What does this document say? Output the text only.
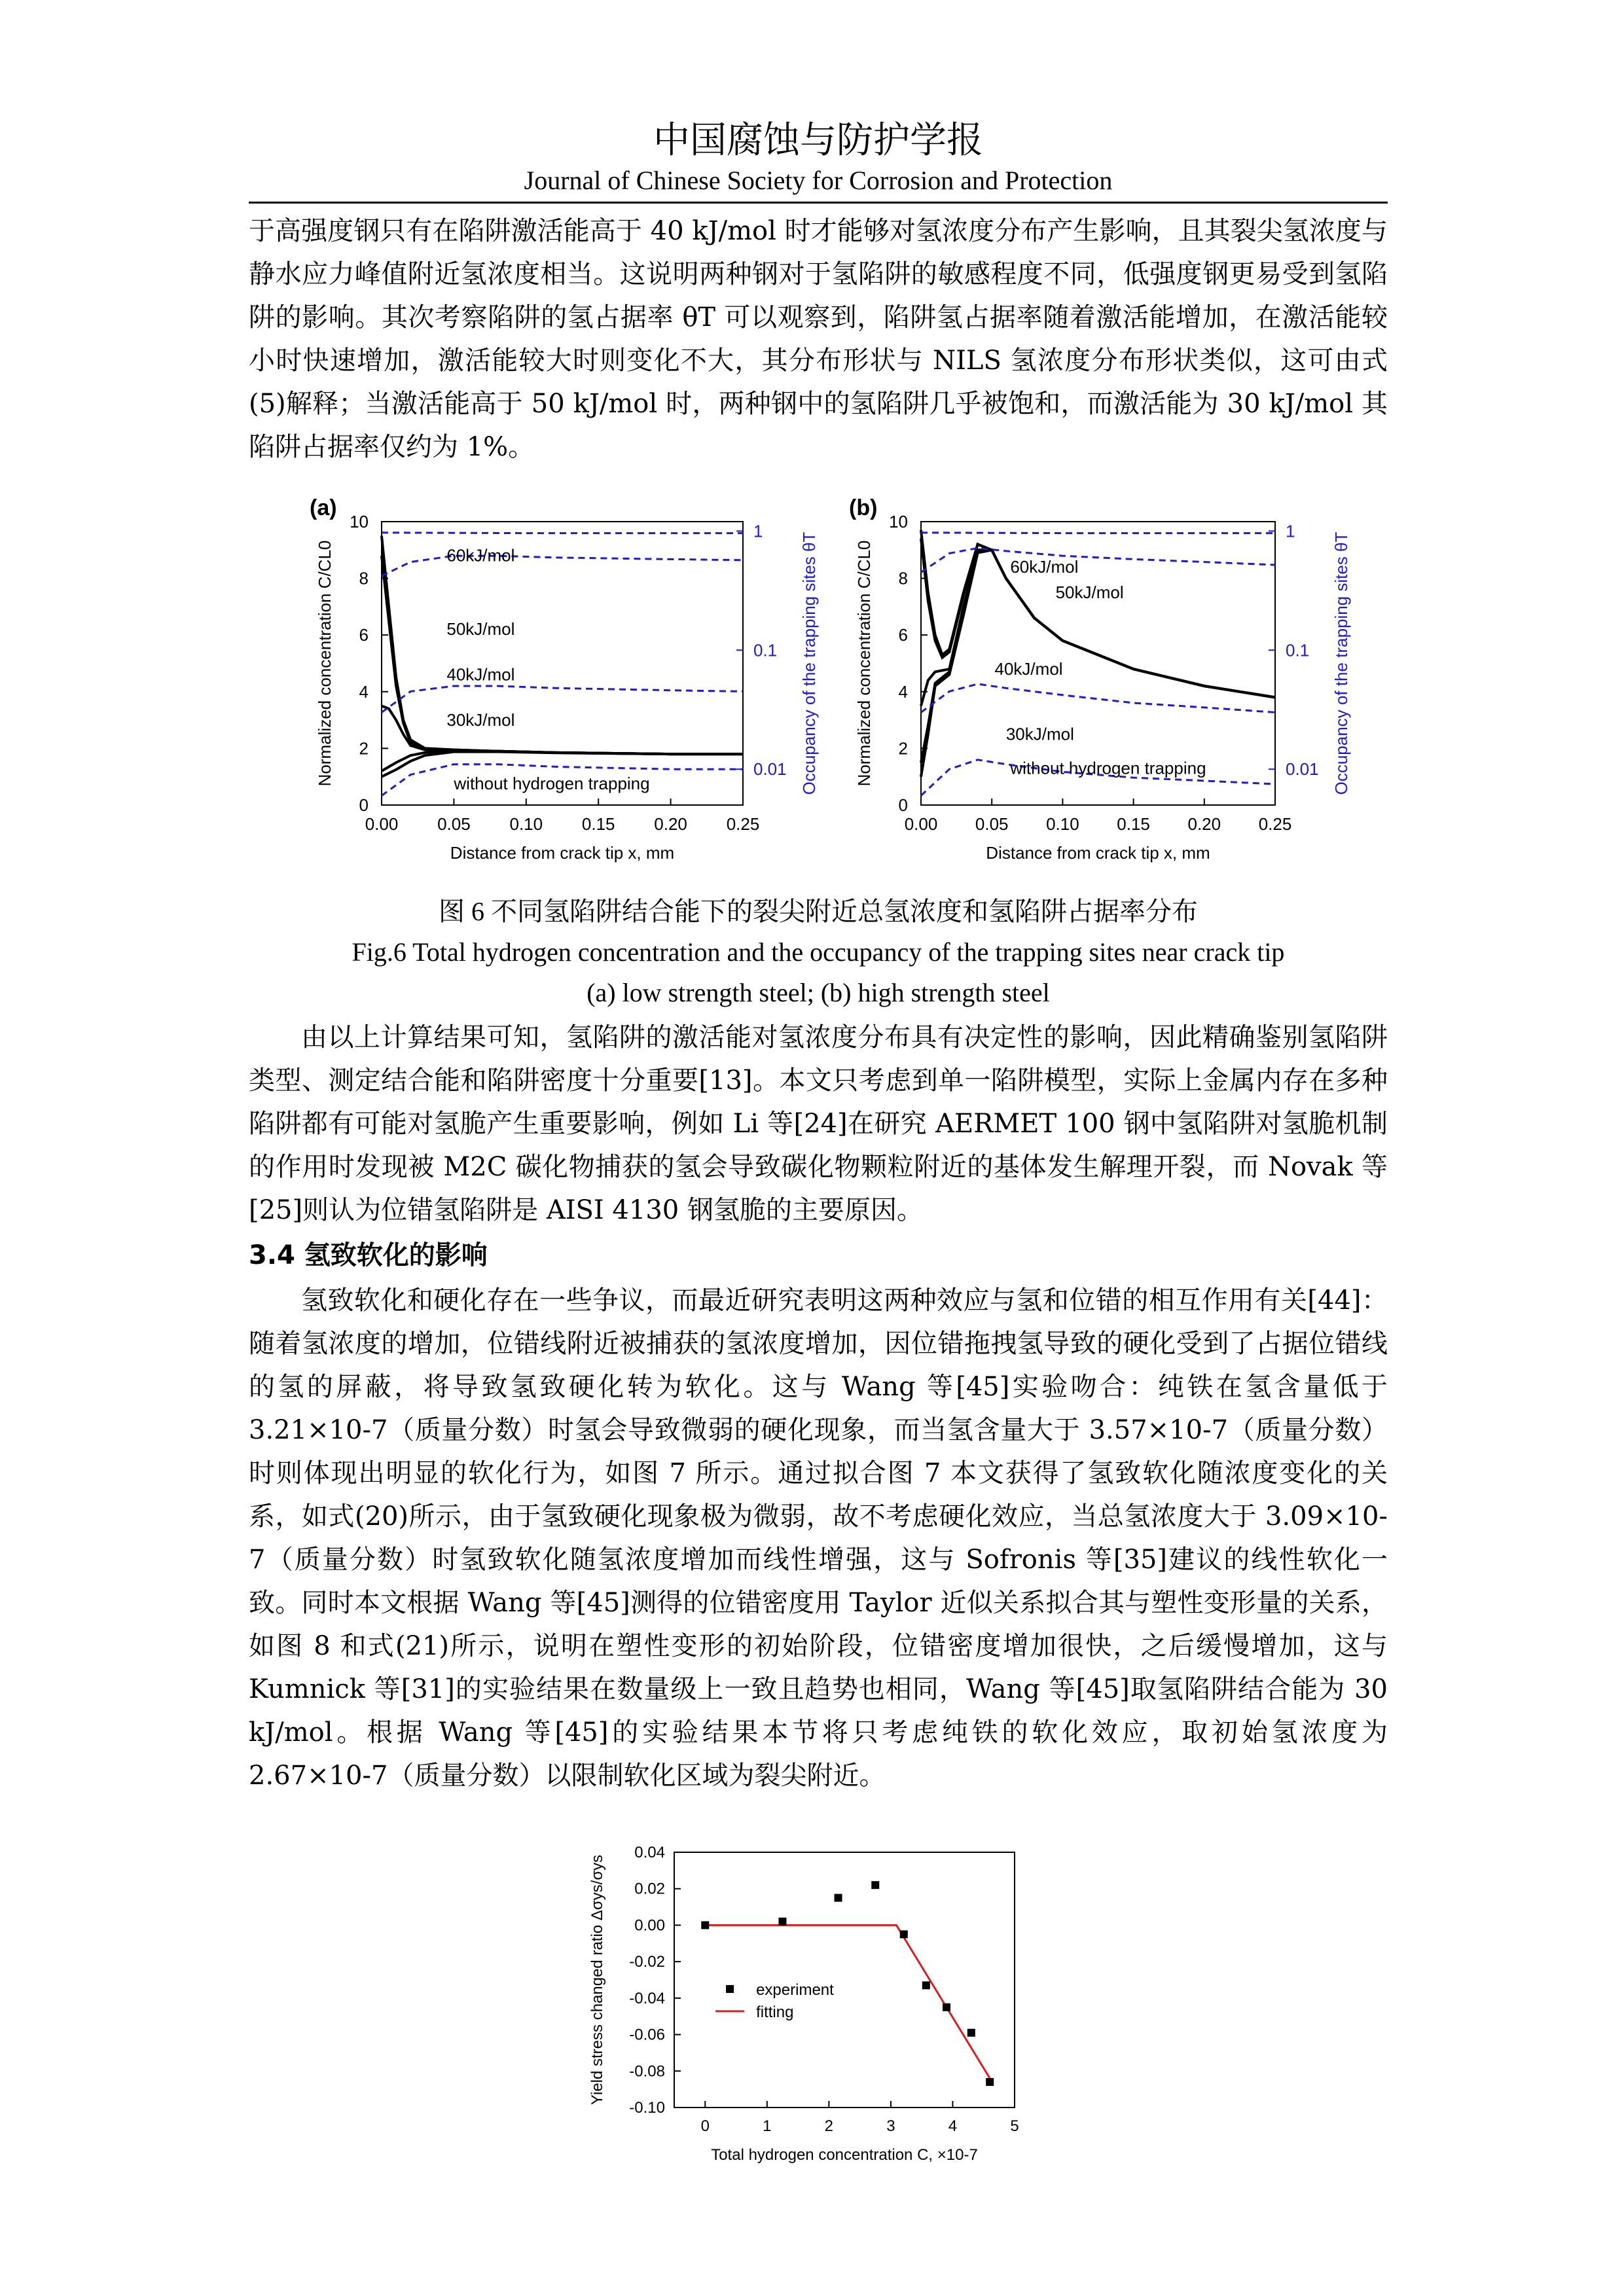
中国腐蚀与防护学报
Journal of Chinese Society for Corrosion and Protection
于高强度钢只有在陷阱激活能高于 40 kJ/mol 时才能够对氢浓度分布产生影响，且其裂尖氢浓度与静水应力峰值附近氢浓度相当。这说明两种钢对于氢陷阱的敏感程度不同，低强度钢更易受到氢陷阱的影响。其次考察陷阱的氢占据率 θT 可以观察到，陷阱氢占据率随着激活能增加，在激活能较小时快速增加，激活能较大时则变化不大，其分布形状与 NILS 氢浓度分布形状类似，这可由式(5)解释；当激活能高于 50 kJ/mol 时，两种钢中的氢陷阱几乎被饱和，而激活能为 30 kJ/mol 其陷阱占据率仅约为 1%。
(a)
0.00 0.05 0.10 0.15 0.20 0.25
0
2
4
6
8
10
0.01
0.1
1
Distance from crack tip x, mm
Normalized concentration C/CL0	Occupancy of the trapping sites θT
60kJ/mol
50kJ/mol
40kJ/mol
30kJ/mol
without hydrogen trapping
(b)
0.00 0.05 0.10 0.15 0.20 0.25
0
2
4
6
8
10
0.01
0.1
1
Distance from crack tip x, mm
Normalized concentration C/CL0	Occupancy of the trapping sites θT
60kJ/mol
50kJ/mol
40kJ/mol
30kJ/mol
without hydrogen trapping
图 6 不同氢陷阱结合能下的裂尖附近总氢浓度和氢陷阱占据率分布
Fig.6 Total hydrogen concentration and the occupancy of the trapping sites near crack tip
(a) low strength steel; (b) high strength steel
由以上计算结果可知，氢陷阱的激活能对氢浓度分布具有决定性的影响，因此精确鉴别氢陷阱类型、测定结合能和陷阱密度十分重要[13]。本文只考虑到单一陷阱模型，实际上金属内存在多种陷阱都有可能对氢脆产生重要影响，例如 Li 等[24]在研究 AERMET 100 钢中氢陷阱对氢脆机制的作用时发现被 M2C 碳化物捕获的氢会导致碳化物颗粒附近的基体发生解理开裂，而 Novak 等[25]则认为位错氢陷阱是 AISI 4130 钢氢脆的主要原因。
3.4 氢致软化的影响
氢致软化和硬化存在一些争议，而最近研究表明这两种效应与氢和位错的相互作用有关[44]：随着氢浓度的增加，位错线附近被捕获的氢浓度增加，因位错拖拽氢导致的硬化受到了占据位错线的氢的屏蔽，将导致氢致硬化转为软化。这与 Wang 等[45]实验吻合：纯铁在氢含量低于 3.21×10-7（质量分数）时氢会导致微弱的硬化现象，而当氢含量大于 3.57×10-7（质量分数）时则体现出明显的软化行为，如图 7 所示。通过拟合图 7 本文获得了氢致软化随浓度变化的关系，如式(20)所示，由于氢致硬化现象极为微弱，故不考虑硬化效应，当总氢浓度大于 3.09×10-7（质量分数）时氢致软化随氢浓度增加而线性增强，这与 Sofronis 等[35]建议的线性软化一致。同时本文根据 Wang 等[45]测得的位错密度用 Taylor 近似关系拟合其与塑性变形量的关系，如图 8 和式(21)所示，说明在塑性变形的初始阶段，位错密度增加很快，之后缓慢增加，这与 Kumnick 等[31]的实验结果在数量级上一致且趋势也相同，Wang 等[45]取氢陷阱结合能为 30 kJ/mol。根据 Wang 等[45]的实验结果本节将只考虑纯铁的软化效应，取初始氢浓度为 2.67×10-7（质量分数）以限制软化区域为裂尖附近。
0	1	2	3	4	5
0.04
0.02
0.00
-0.02
-0.04
-0.06
-0.08
-0.10
Total hydrogen concentration C, ×10-7
Yield stress changed ratio Δσys/σys	experiment
fitting
